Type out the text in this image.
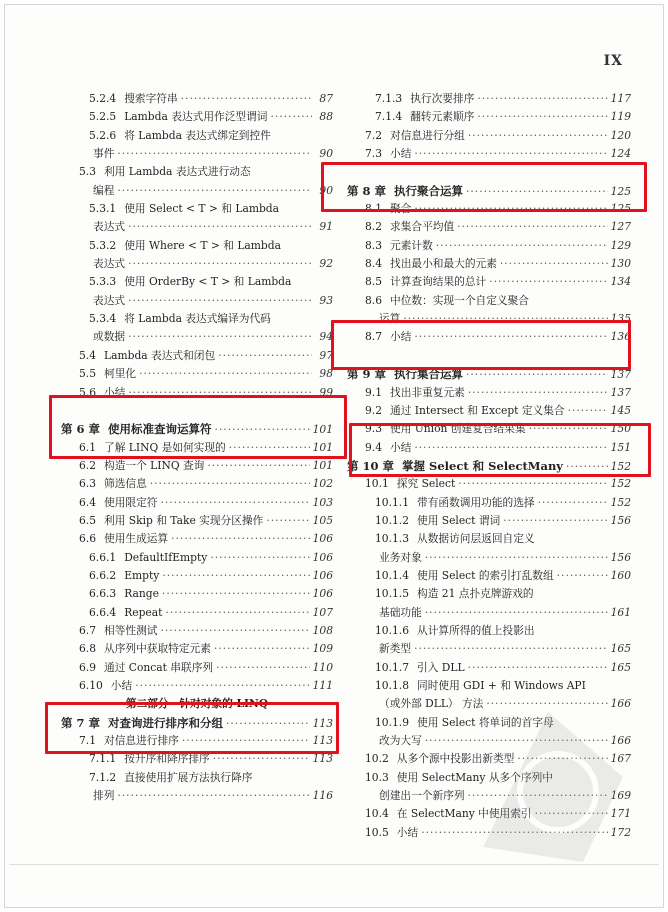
IX
5.2.4 搜索字符串 ·····	87
5.2.5 Lambda 表达式用作泛型谓词 ·····	88
5.2.6 将 Lambda 表达式绑定到控件
事件 ·····	90
5.3 利用 Lambda 表达式进行动态
编程 ·····	90
5.3.1 使用 Select < T > 和 Lambda
表达式 ·····	91
5.3.2 使用 Where < T > 和 Lambda
表达式 ·····	92
5.3.3 使用 OrderBy < T > 和 Lambda
表达式 ·····	93
5.3.4 将 Lambda 表达式编译为代码
或数据 ·····	94
5.4 Lambda 表达式和闭包 ·····	97
5.5 柯里化 ·····	98
5.6 小结 ·····	99
第 6 章 使用标准查询运算符 ·····	101
6.1 了解 LINQ 是如何实现的 ·····	101
6.2 构造一个 LINQ 查询 ·····	101
6.3 筛选信息 ·····	102
6.4 使用限定符 ·····	103
6.5 利用 Skip 和 Take 实现分区操作 ·····	105
6.6 使用生成运算 ·····	106
6.6.1 DefaultIfEmpty ·····	106
6.6.2 Empty ·····	106
6.6.3 Range ·····	106
6.6.4 Repeat ·····	107
6.7 相等性测试 ·····	108
6.8 从序列中获取特定元素 ·····	109
6.9 通过 Concat 串联序列 ·····	110
6.10 小结 ·····	111
第二部分　针对对象的 LINQ
第 7 章 对查询进行排序和分组 ·····	113
7.1 对信息进行排序 ·····	113
7.1.1 按升序和降序排序 ·····	113
7.1.2 直接使用扩展方法执行降序
排列 ·····	116
7.1.3 执行次要排序 ·····	117
7.1.4 翻转元素顺序 ·····	119
7.2 对信息进行分组 ·····	120
7.3 小结 ·····	124
第 8 章 执行聚合运算 ·····	125
8.1 聚合 ·····	125
8.2 求集合平均值 ·····	127
8.3 元素计数 ·····	129
8.4 找出最小和最大的元素 ·····	130
8.5 计算查询结果的总计 ·····	134
8.6 中位数：实现一个自定义聚合
运算 ·····	135
8.7 小结 ·····	136
第 9 章 执行集合运算 ·····	137
9.1 找出非重复元素 ·····	137
9.2 通过 Intersect 和 Except 定义集合 ·····	145
9.3 使用 Union 创建复合结果集 ·····	150
9.4 小结 ·····	151
第 10 章 掌握 Select 和 SelectMany ·····	152
10.1 探究 Select ·····	152
10.1.1 带有函数调用功能的选择 ·····	152
10.1.2 使用 Select 谓词 ·····	156
10.1.3 从数据访问层返回自定义
业务对象 ·····	156
10.1.4 使用 Select 的索引打乱数组 ·····	160
10.1.5 构造 21 点扑克牌游戏的
基础功能 ·····	161
10.1.6 从计算所得的值上投影出
新类型 ·····	165
10.1.7 引入 DLL ·····	165
10.1.8 同时使用 GDI + 和 Windows API
（或外部 DLL） 方法 ·····	166
10.1.9 使用 Select 将单词的首字母
改为大写 ·····	166
10.2 从多个源中投影出新类型 ·····	167
10.3 使用 SelectMany 从多个序列中
创建出一个新序列 ·····	169
10.4 在 SelectMany 中使用索引 ·····	171
10.5 小结 ·····	172
